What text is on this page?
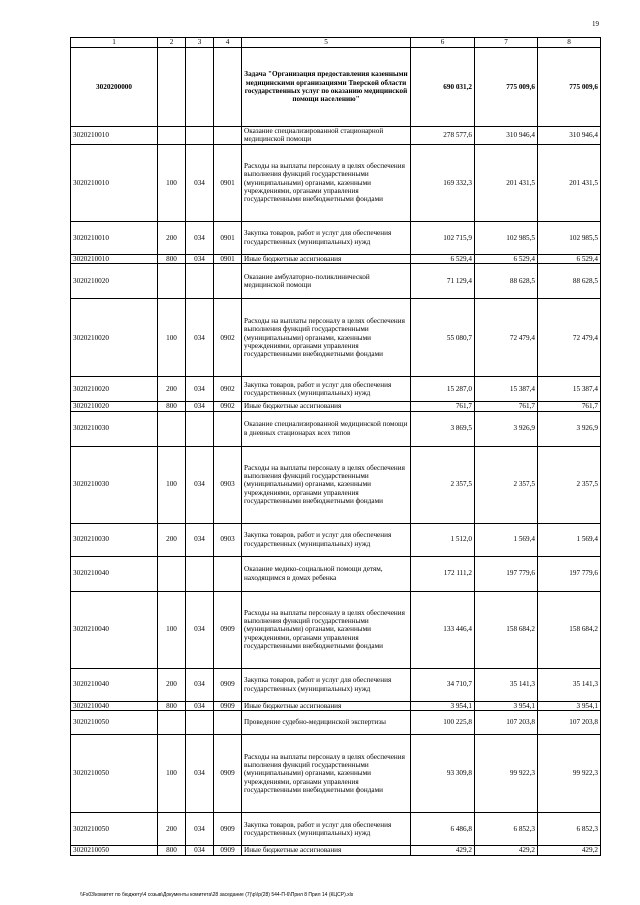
19
1	2	3	4	5	6	7	8
3020200000				Задача "Организация предоставления казенными медицинскими организациями Тверской области государственных услуг по оказанию медицинской помощи населению"	690 031,2	775 009,6	775 009,6
3020210010				Оказание специализированной стационарной медицинской помощи	278 577,6	310 946,4	310 946,4
3020210010	100	034	0901	Расходы на выплаты персоналу в целях обеспечения выполнения функций государственными (муниципальными) органами, казенными учреждениями, органами управления государственными внебюджетными фондами	169 332,3	201 431,5	201 431,5
3020210010	200	034	0901	Закупка товаров, работ и услуг для обеспечения государственных (муниципальных) нужд	102 715,9	102 985,5	102 985,5
3020210010	800	034	0901	Иные бюджетные ассигнования	6 529,4	6 529,4	6 529,4
3020210020				Оказание амбулаторно-поликлинической медицинской помощи	71 129,4	88 628,5	88 628,5
3020210020	100	034	0902	Расходы на выплаты персоналу в целях обеспечения выполнения функций государственными (муниципальными) органами, казенными учреждениями, органами управления государственными внебюджетными фондами	55 080,7	72 479,4	72 479,4
3020210020	200	034	0902	Закупка товаров, работ и услуг для обеспечения государственных (муниципальных) нужд	15 287,0	15 387,4	15 387,4
3020210020	800	034	0902	Иные бюджетные ассигнования	761,7	761,7	761,7
3020210030				Оказание специализированной медицинской помощи в дневных стационарах всех типов	3 869,5	3 926,9	3 926,9
3020210030	100	034	0903	Расходы на выплаты персоналу в целях обеспечения выполнения функций государственными (муниципальными) органами, казенными учреждениями, органами управления государственными внебюджетными фондами	2 357,5	2 357,5	2 357,5
3020210030	200	034	0903	Закупка товаров, работ и услуг для обеспечения государственных (муниципальных) нужд	1 512,0	1 569,4	1 569,4
3020210040				Оказание медико-социальной помощи детям, находящимся в домах ребенка	172 111,2	197 779,6	197 779,6
3020210040	100	034	0909	Расходы на выплаты персоналу в целях обеспечения выполнения функций государственными (муниципальными) органами, казенными учреждениями, органами управления государственными внебюджетными фондами	133 446,4	158 684,2	158 684,2
3020210040	200	034	0909	Закупка товаров, работ и услуг для обеспечения государственных (муниципальных) нужд	34 710,7	35 141,3	35 141,3
3020210040	800	034	0909	Иные бюджетные ассигнования	3 954,1	3 954,1	3 954,1
3020210050				Проведение судебно-медицинской экспертизы	100 225,8	107 203,8	107 203,8
3020210050	100	034	0909	Расходы на выплаты персоналу в целях обеспечения выполнения функций государственными (муниципальными) органами, казенными учреждениями, органами управления государственными внебюджетными фондами	93 309,8	99 922,3	99 922,3
3020210050	200	034	0909	Закупка товаров, работ и услуг для обеспечения государственных (муниципальных) нужд	6 486,8	6 852,3	6 852,3
3020210050	800	034	0909	Иные бюджетные ассигнования	429,2	429,2	429,2
\\Fs03\комитет по бюджету\4 созыв\Документы комитета\28 заседание (7)\p\\p(28) 544-П-6\Прил 8 Прил 14 (КЦСР).xls
